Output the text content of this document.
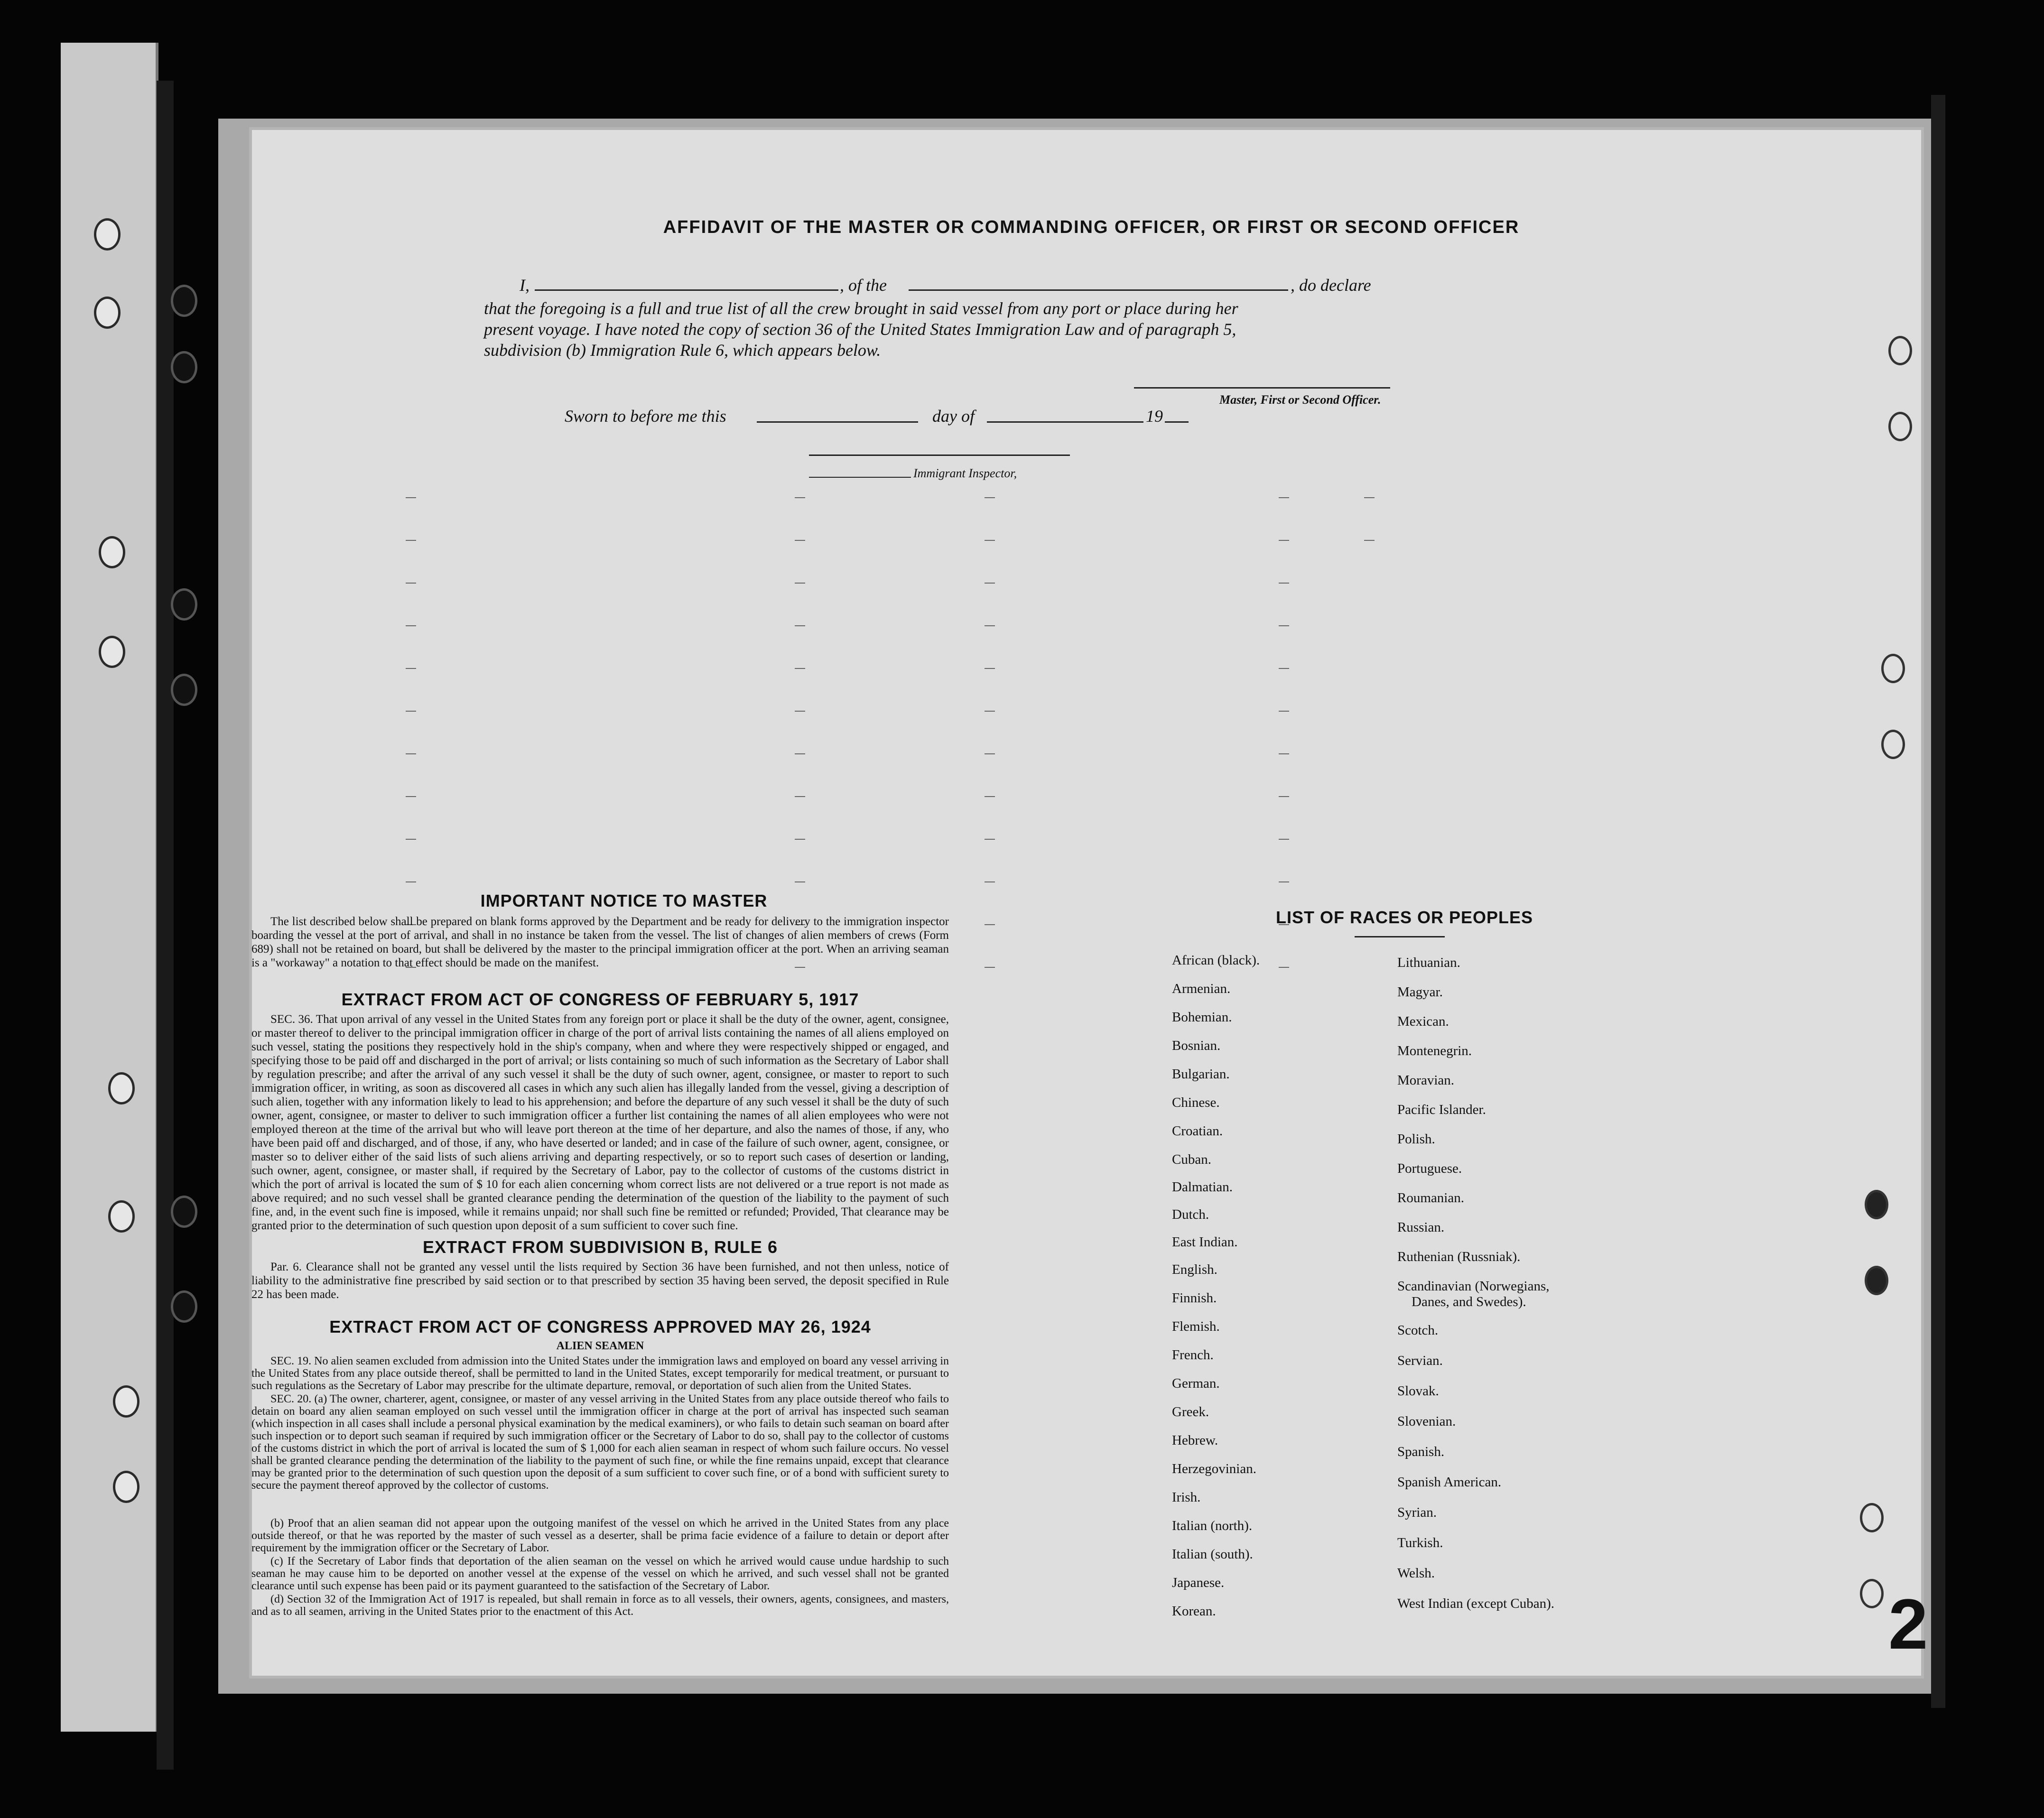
AFFIDAVIT OF THE MASTER OR COMMANDING OFFICER, OR FIRST OR SECOND OFFICER
I,	, of the	, do declare
that the foregoing is a full and true list of all the crew brought in said vessel from any port or place during her
present voyage. I have noted the copy of section 36 of the United States Immigration Law and of paragraph 5,
subdivision (b) Immigration Rule 6, which appears below.
Master, First or Second Officer.
Sworn to before me this	day of	19
Immigrant Inspector,
IMPORTANT NOTICE TO MASTER
The list described below shall be prepared on blank forms approved by the Department and be ready for delivery to the immigration inspector boarding the vessel at the port of arrival, and shall in no instance be taken from the vessel. The list of changes of alien members of crews (Form 689) shall not be retained on board, but shall be delivered by the master to the principal immigration officer at the port. When an arriving seaman is a "workaway" a notation to that effect should be made on the manifest.
EXTRACT FROM ACT OF CONGRESS OF FEBRUARY 5, 1917
SEC. 36. That upon arrival of any vessel in the United States from any foreign port or place it shall be the duty of the owner, agent, consignee, or master thereof to deliver to the principal immigration officer in charge of the port of arrival lists containing the names of all aliens employed on such vessel, stating the positions they respectively hold in the ship's company, when and where they were respectively shipped or engaged, and specifying those to be paid off and discharged in the port of arrival; or lists containing so much of such information as the Secretary of Labor shall by regulation prescribe; and after the arrival of any such vessel it shall be the duty of such owner, agent, consignee, or master to report to such immigration officer, in writing, as soon as discovered all cases in which any such alien has illegally landed from the vessel, giving a description of such alien, together with any information likely to lead to his apprehension; and before the departure of any such vessel it shall be the duty of such owner, agent, consignee, or master to deliver to such immigration officer a further list containing the names of all alien employees who were not employed thereon at the time of the arrival but who will leave port thereon at the time of her departure, and also the names of those, if any, who have been paid off and discharged, and of those, if any, who have deserted or landed; and in case of the failure of such owner, agent, consignee, or master so to deliver either of the said lists of such aliens arriving and departing respectively, or so to report such cases of desertion or landing, such owner, agent, consignee, or master shall, if required by the Secretary of Labor, pay to the collector of customs of the customs district in which the port of arrival is located the sum of $ 10 for each alien concerning whom correct lists are not delivered or a true report is not made as above required; and no such vessel shall be granted clearance pending the determination of the question of the liability to the payment of such fine, and, in the event such fine is imposed, while it remains unpaid; nor shall such fine be remitted or refunded; Provided, That clearance may be granted prior to the determination of such question upon deposit of a sum sufficient to cover such fine.
EXTRACT FROM SUBDIVISION B, RULE 6
Par. 6. Clearance shall not be granted any vessel until the lists required by Section 36 have been furnished, and not then unless, notice of liability to the administrative fine prescribed by said section or to that prescribed by section 35 having been served, the deposit specified in Rule 22 has been made.
EXTRACT FROM ACT OF CONGRESS APPROVED MAY 26, 1924
ALIEN SEAMEN
SEC. 19. No alien seamen excluded from admission into the United States under the immigration laws and employed on board any vessel arriving in the United States from any place outside thereof, shall be permitted to land in the United States, except temporarily for medical treatment, or pursuant to such regulations as the Secretary of Labor may prescribe for the ultimate departure, removal, or deportation of such alien from the United States.
SEC. 20. (a) The owner, charterer, agent, consignee, or master of any vessel arriving in the United States from any place outside thereof who fails to detain on board any alien seaman employed on such vessel until the immigration officer in charge at the port of arrival has inspected such seaman (which inspection in all cases shall include a personal physical examination by the medical examiners), or who fails to detain such seaman on board after such inspection or to deport such seaman if required by such immigration officer or the Secretary of Labor to do so, shall pay to the collector of customs of the customs district in which the port of arrival is located the sum of $ 1,000 for each alien seaman in respect of whom such failure occurs. No vessel shall be granted clearance pending the determination of the liability to the payment of such fine, or while the fine remains unpaid, except that clearance may be granted prior to the determination of such question upon the deposit of a sum sufficient to cover such fine, or of a bond with sufficient surety to secure the payment thereof approved by the collector of customs.
(b) Proof that an alien seaman did not appear upon the outgoing manifest of the vessel on which he arrived in the United States from any place outside thereof, or that he was reported by the master of such vessel as a deserter, shall be prima facie evidence of a failure to detain or deport after requirement by the immigration officer or the Secretary of Labor.
(c) If the Secretary of Labor finds that deportation of the alien seaman on the vessel on which he arrived would cause undue hardship to such seaman he may cause him to be deported on another vessel at the expense of the vessel on which he arrived, and such vessel shall not be granted clearance until such expense has been paid or its payment guaranteed to the satisfaction of the Secretary of Labor.
(d) Section 32 of the Immigration Act of 1917 is repealed, but shall remain in force as to all vessels, their owners, agents, consignees, and masters, and as to all seamen, arriving in the United States prior to the enactment of this Act.
LIST OF RACES OR PEOPLES
African (black).
Armenian.
Bohemian.
Bosnian.
Bulgarian.
Chinese.
Croatian.
Cuban.
Dalmatian.
Dutch.
East Indian.
English.
Finnish.
Flemish.
French.
German.
Greek.
Hebrew.
Herzegovinian.
Irish.
Italian (north).
Italian (south).
Japanese.
Korean.
Lithuanian.
Magyar.
Mexican.
Montenegrin.
Moravian.
Pacific Islander.
Polish.
Portuguese.
Roumanian.
Russian.
Ruthenian (Russniak).
Scandinavian (Norwegians,
Danes, and Swedes).
Scotch.
Servian.
Slovak.
Slovenian.
Spanish.
Spanish American.
Syrian.
Turkish.
Welsh.
West Indian (except Cuban).	2
